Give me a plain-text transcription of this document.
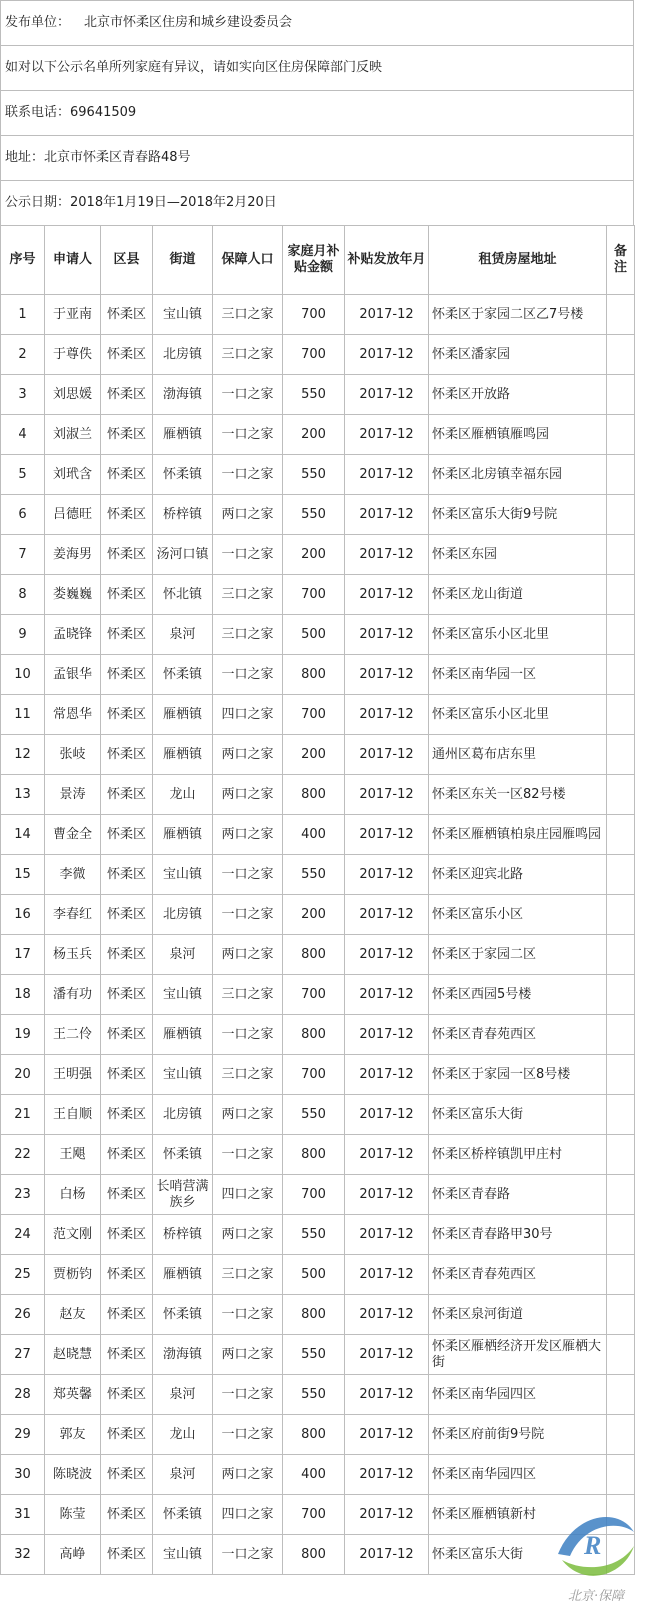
发布单位： 北京市怀柔区住房和城乡建设委员会
如对以下公示名单所列家庭有异议，请如实向区住房保障部门反映
联系电话：69641509
地址：北京市怀柔区青春路48号
公示日期：2018年1月19日—2018年2月20日
序号	申请人	区县	街道	保障人口	家庭月补贴金额	补贴发放年月	租赁房屋地址	备注
1	于亚南	怀柔区	宝山镇	三口之家	700	2017-12	怀柔区于家园二区乙7号楼	
2	于尊佚	怀柔区	北房镇	三口之家	700	2017-12	怀柔区潘家园	
3	刘思媛	怀柔区	渤海镇	一口之家	550	2017-12	怀柔区开放路	
4	刘淑兰	怀柔区	雁栖镇	一口之家	200	2017-12	怀柔区雁栖镇雁鸣园	
5	刘玳含	怀柔区	怀柔镇	一口之家	550	2017-12	怀柔区北房镇幸福东园	
6	吕德旺	怀柔区	桥梓镇	两口之家	550	2017-12	怀柔区富乐大街9号院	
7	姜海男	怀柔区	汤河口镇	一口之家	200	2017-12	怀柔区东园	
8	娄巍巍	怀柔区	怀北镇	三口之家	700	2017-12	怀柔区龙山街道	
9	孟晓锋	怀柔区	泉河	三口之家	500	2017-12	怀柔区富乐小区北里	
10	孟银华	怀柔区	怀柔镇	一口之家	800	2017-12	怀柔区南华园一区	
11	常恩华	怀柔区	雁栖镇	四口之家	700	2017-12	怀柔区富乐小区北里	
12	张岐	怀柔区	雁栖镇	两口之家	200	2017-12	通州区葛布店东里	
13	景涛	怀柔区	龙山	两口之家	800	2017-12	怀柔区东关一区82号楼	
14	曹金全	怀柔区	雁栖镇	两口之家	400	2017-12	怀柔区雁栖镇柏泉庄园雁鸣园	
15	李微	怀柔区	宝山镇	一口之家	550	2017-12	怀柔区迎宾北路	
16	李春红	怀柔区	北房镇	一口之家	200	2017-12	怀柔区富乐小区	
17	杨玉兵	怀柔区	泉河	两口之家	800	2017-12	怀柔区于家园二区	
18	潘有功	怀柔区	宝山镇	三口之家	700	2017-12	怀柔区西园5号楼	
19	王二伶	怀柔区	雁栖镇	一口之家	800	2017-12	怀柔区青春苑西区	
20	王明强	怀柔区	宝山镇	三口之家	700	2017-12	怀柔区于家园一区8号楼	
21	王自顺	怀柔区	北房镇	两口之家	550	2017-12	怀柔区富乐大街	
22	王飓	怀柔区	怀柔镇	一口之家	800	2017-12	怀柔区桥梓镇凯甲庄村	
23	白杨	怀柔区	长哨营满族乡	四口之家	700	2017-12	怀柔区青春路	
24	范文刚	怀柔区	桥梓镇	两口之家	550	2017-12	怀柔区青春路甲30号	
25	贾枥钧	怀柔区	雁栖镇	三口之家	500	2017-12	怀柔区青春苑西区	
26	赵友	怀柔区	怀柔镇	一口之家	800	2017-12	怀柔区泉河街道	
27	赵晓慧	怀柔区	渤海镇	两口之家	550	2017-12	怀柔区雁栖经济开发区雁栖大街	
28	郑英馨	怀柔区	泉河	一口之家	550	2017-12	怀柔区南华园四区	
29	郭友	怀柔区	龙山	一口之家	800	2017-12	怀柔区府前街9号院	
30	陈晓波	怀柔区	泉河	两口之家	400	2017-12	怀柔区南华园四区	
31	陈莹	怀柔区	怀柔镇	四口之家	700	2017-12	怀柔区雁栖镇新村	
32	高峥	怀柔区	宝山镇	一口之家	800	2017-12	怀柔区富乐大街	R
北京·保障
